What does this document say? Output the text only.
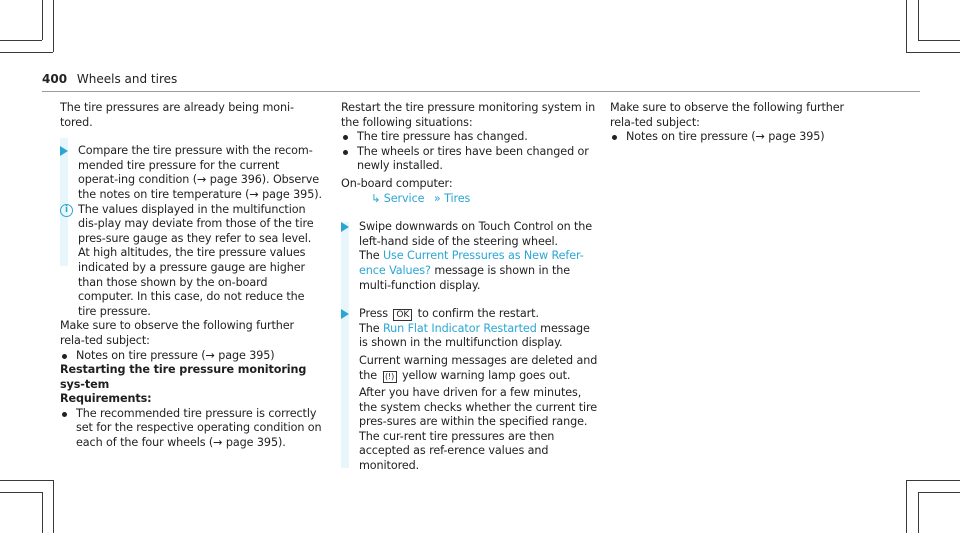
400 Wheels and tires

The tire pressures are already being moni-tored.

Compare the tire pressure with the recom-mended tire pressure for the current operat-ing condition (→ page 396). Observe the notes on tire temperature (→ page 395).

i The values displayed in the multifunction dis-play may deviate from those of the tire pres-sure gauge as they refer to sea level. At high altitudes, the tire pressure values indicated by a pressure gauge are higher than those shown by the on-board computer. In this case, do not reduce the tire pressure.

Make sure to observe the following further rela-ted subject:

Notes on tire pressure (→ page 395)

Restarting the tire pressure monitoring sys-tem

Requirements:

The recommended tire pressure is correctly set for the respective operating condition on each of the four wheels (→ page 395).

Restart the tire pressure monitoring system in the following situations:

The tire pressure has changed.

The wheels or tires have been changed or newly installed.

On-board computer:

↳ Service » Tires

Swipe downwards on Touch Control on the left-hand side of the steering wheel.

The Use Current Pressures as New Refer-ence Values? message is shown in the multi-function display.

Press OK to confirm the restart.

The Run Flat Indicator Restarted message is shown in the multifunction display.

Current warning messages are deleted and the (!) yellow warning lamp goes out.

After you have driven for a few minutes, the system checks whether the current tire pres-sures are within the specified range. The cur-rent tire pressures are then accepted as ref-erence values and monitored.

Make sure to observe the following further rela-ted subject:

Notes on tire pressure (→ page 395)
